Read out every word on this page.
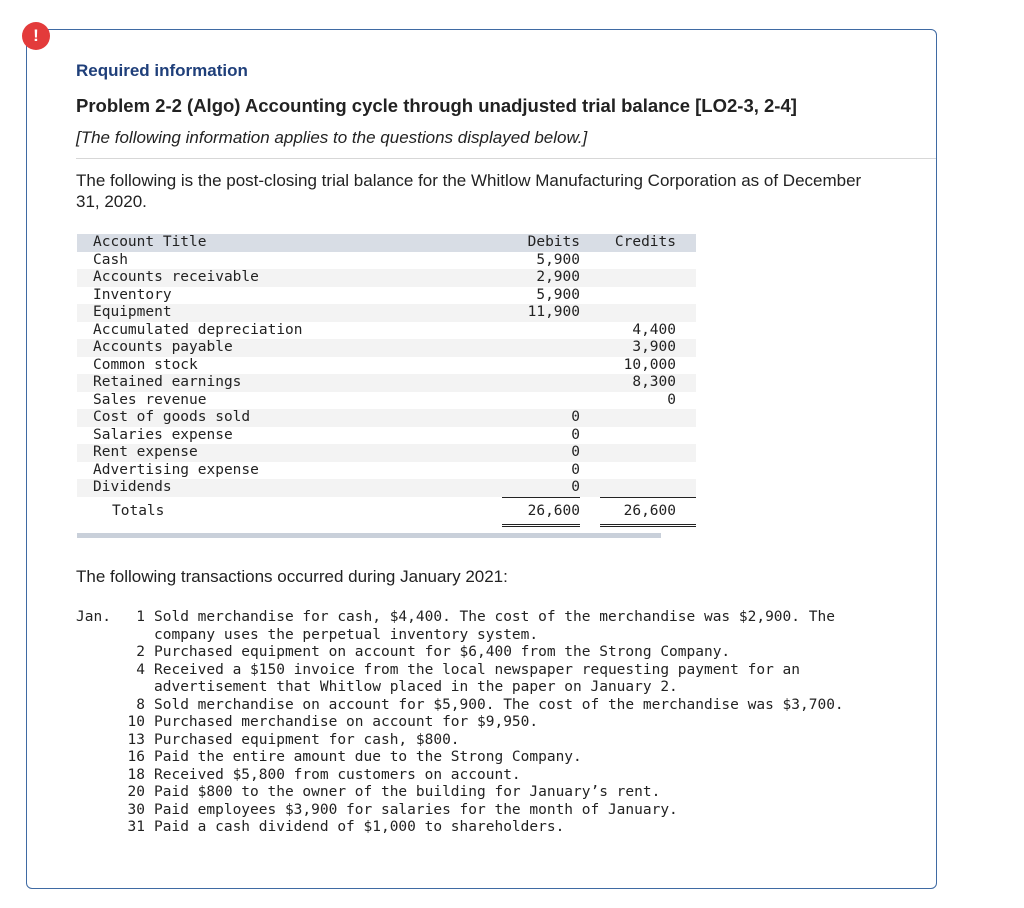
!
Required information
Problem 2-2 (Algo) Accounting cycle through unadjusted trial balance [LO2-3, 2-4]
[The following information applies to the questions displayed below.]
The following is the post-closing trial balance for the Whitlow Manufacturing Corporation as of December 31, 2020.
Account Title	Debits		Credits
Cash	5,900		
Accounts receivable	2,900		
Inventory	5,900		
Equipment	11,900		
Accumulated depreciation			4,400
Accounts payable			3,900
Common stock			10,000
Retained earnings			8,300
Sales revenue			0
Cost of goods sold	0		
Salaries expense	0		
Rent expense	0		
Advertising expense	0		
Dividends	0		
Totals	26,600		26,600
The following transactions occurred during January 2021:
Jan.	1 Sold merchandise for cash, $4,400. The cost of the merchandise was $2,900. The company uses the perpetual inventory system.
2 Purchased equipment on account for $6,400 from the Strong Company.
4 Received a $150 invoice from the local newspaper requesting payment for an advertisement that Whitlow placed in the paper on January 2.
8 Sold merchandise on account for $5,900. The cost of the merchandise was $3,700.
10 Purchased merchandise on account for $9,950.
13 Purchased equipment for cash, $800.
16 Paid the entire amount due to the Strong Company.
18 Received $5,800 from customers on account.
20 Paid $800 to the owner of the building for January’s rent.
30 Paid employees $3,900 for salaries for the month of January.
31 Paid a cash dividend of $1,000 to shareholders.
